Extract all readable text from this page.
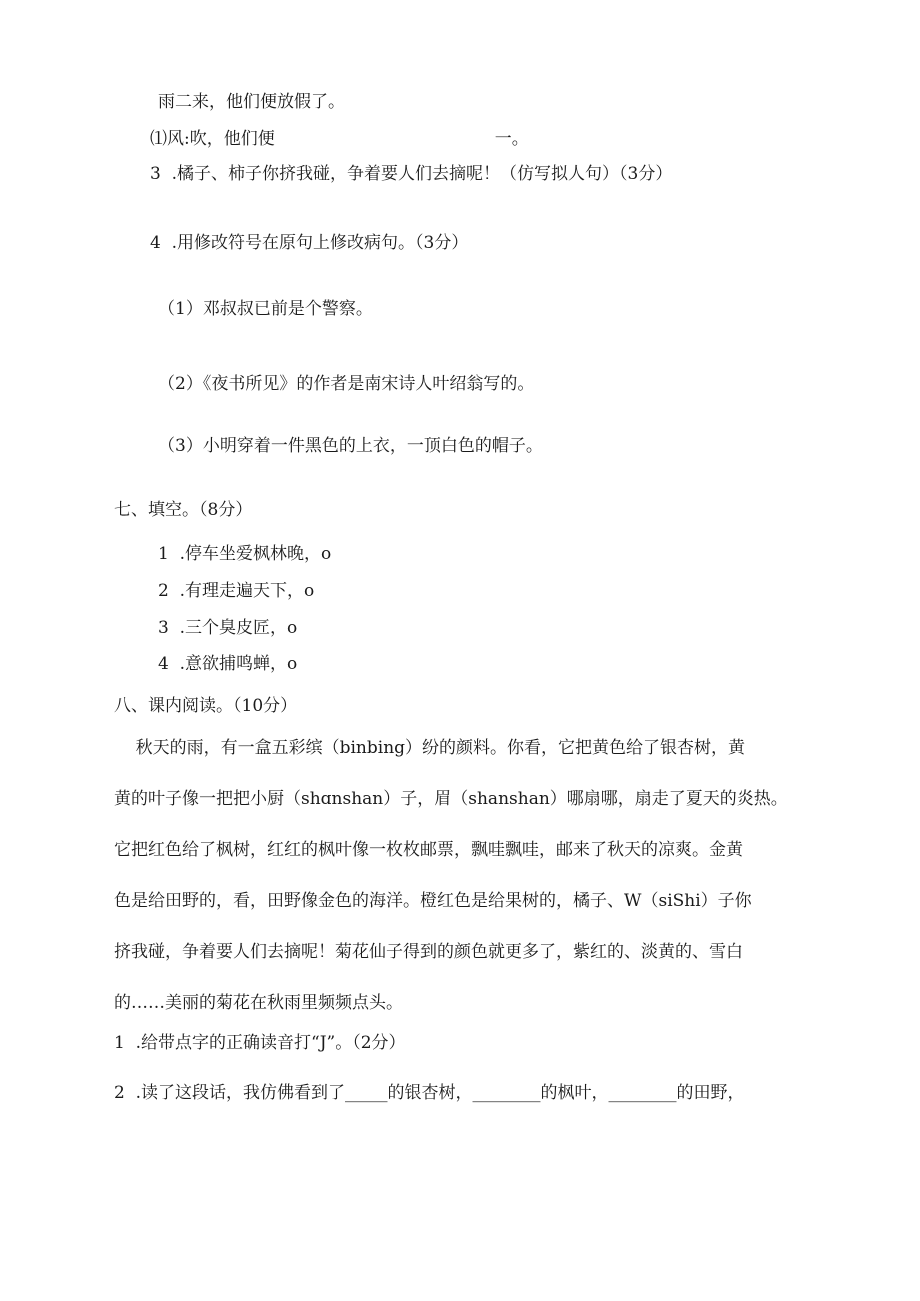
雨二来，他们便放假了。
⑴风:吹，他们便	一。
3  .橘子、柿子你挤我碰，争着要人们去摘呢！（仿写拟人句）（3分）
4  .用修改符号在原句上修改病句。（3分）
（1）邓叔叔已前是个警察。
（2）《夜书所见》的作者是南宋诗人叶绍翁写的。
（3）小明穿着一件黑色的上衣，一顶白色的帽子。
七、填空。（8分）
1  .停车坐爱枫林晚，o
2  .有理走遍天下，o
3  .三个臭皮匠，o
4  .意欲捕鸣蝉，o
八、课内阅读。（10分）
秋天的雨，有一盒五彩缤（binbing）纷的颜料。你看，它把黄色给了银杏树，黄
黄的叶子像一把把小厨（shɑnshan）子，眉（shanshan）哪扇哪，扇走了夏天的炎热。
它把红色给了枫树，红红的枫叶像一枚枚邮票，飘哇飘哇，邮来了秋天的凉爽。金黄
色是给田野的，看，田野像金色的海洋。橙红色是给果树的，橘子、W（siShi）子你
挤我碰，争着要人们去摘呢！菊花仙子得到的颜色就更多了，紫红的、淡黄的、雪白
的……美丽的菊花在秋雨里频频点头。
1  .给带点字的正确读音打“J”。（2分）
2  .读了这段话，我仿佛看到了_____的银杏树，________的枫叶，________的田野，
